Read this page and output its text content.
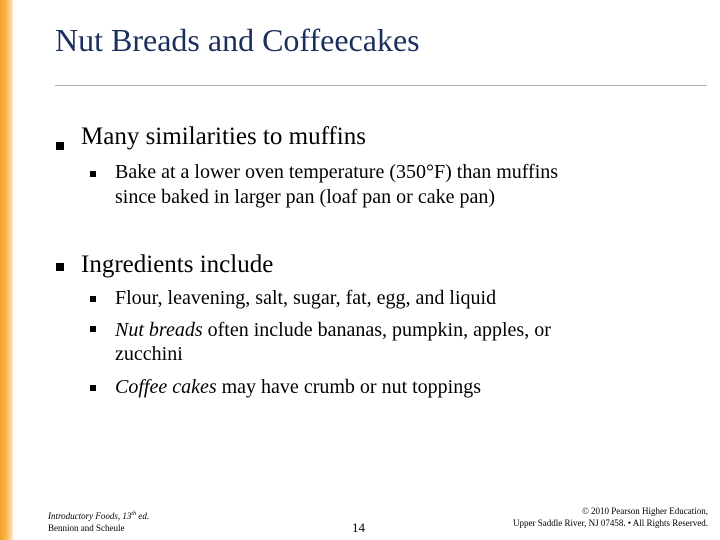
Nut Breads and Coffeecakes
Many similarities to muffins
Bake at a lower oven temperature (350°F) than muffins
since baked in larger pan (loaf pan or cake pan)
Ingredients include
Flour, leavening, salt, sugar, fat, egg, and liquid
Nut breads often include bananas, pumpkin, apples, or
zucchini
Coffee cakes may have crumb or nut toppings
Introductory Foods, 13th ed.
Bennion and Scheule	14
© 2010 Pearson Higher Education,
Upper Saddle River, NJ 07458. • All Rights Reserved.
